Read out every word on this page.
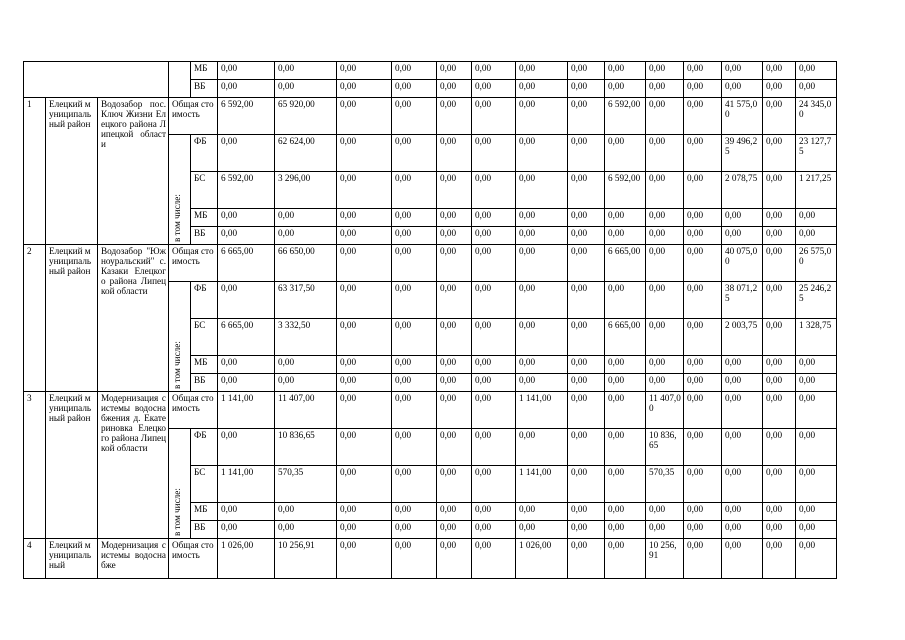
				МБ	0,00	0,00	0,00	0,00	0,00	0,00	0,00	0,00	0,00	0,00	0,00	0,00	0,00	0,00
				ВБ	0,00	0,00	0,00	0,00	0,00	0,00	0,00	0,00	0,00	0,00	0,00	0,00	0,00	0,00
1	Елецкий муниципальный район	Водозабор пос. Ключ Жизни Елецкого района Липецкой области	Общая стоимость		6 592,00	65 920,00	0,00	0,00	0,00	0,00	0,00	0,00	6 592,00	0,00	0,00	41 575,00	0,00	24 345,00

			в том числе:	ФБ	0,00	62 624,00	0,00	0,00	0,00	0,00	0,00	0,00	0,00	0,00	0,00	39 496,25	0,00	23 127,75
				БС	6 592,00	3 296,00	0,00	0,00	0,00	0,00	0,00	0,00	6 592,00	0,00	0,00	2 078,75	0,00	1 217,25
				МБ	0,00	0,00	0,00	0,00	0,00	0,00	0,00	0,00	0,00	0,00	0,00	0,00	0,00	0,00
				ВБ	0,00	0,00	0,00	0,00	0,00	0,00	0,00	0,00	0,00	0,00	0,00	0,00	0,00	0,00
2	Елецкий муниципальный район	Водозабор "Южноуральский" с. Казаки Елецкого района Липецкой области	Общая стоимость		6 665,00	66 650,00	0,00	0,00	0,00	0,00	0,00	0,00	6 665,00	0,00	0,00	40 075,00	0,00	26 575,00

			в том числе:	ФБ	0,00	63 317,50	0,00	0,00	0,00	0,00	0,00	0,00	0,00	0,00	0,00	38 071,25	0,00	25 246,25
				БС	6 665,00	3 332,50	0,00	0,00	0,00	0,00	0,00	0,00	6 665,00	0,00	0,00	2 003,75	0,00	1 328,75
				МБ	0,00	0,00	0,00	0,00	0,00	0,00	0,00	0,00	0,00	0,00	0,00	0,00	0,00	0,00
				ВБ	0,00	0,00	0,00	0,00	0,00	0,00	0,00	0,00	0,00	0,00	0,00	0,00	0,00	0,00
3	Елецкий муниципальный район	Модернизация системы водоснабжения д. Екатериновка Елецкого района Липецкой области	Общая стоимость		1 141,00	11 407,00	0,00	0,00	0,00	0,00	1 141,00	0,00	0,00	11 407,00	0,00	0,00	0,00	0,00

			в том числе:	ФБ	0,00	10 836,65	0,00	0,00	0,00	0,00	0,00	0,00	0,00	10 836,65	0,00	0,00	0,00	0,00
				БС	1 141,00	570,35	0,00	0,00	0,00	0,00	1 141,00	0,00	0,00	570,35	0,00	0,00	0,00	0,00
				МБ	0,00	0,00	0,00	0,00	0,00	0,00	0,00	0,00	0,00	0,00	0,00	0,00	0,00	0,00
				ВБ	0,00	0,00	0,00	0,00	0,00	0,00	0,00	0,00	0,00	0,00	0,00	0,00	0,00	0,00
4	Елецкий муниципальный	Модернизация системы водоснабже	Общая стоимость		1 026,00	10 256,91	0,00	0,00	0,00	0,00	1 026,00	0,00	0,00	10 256,91	0,00	0,00	0,00	0,00
